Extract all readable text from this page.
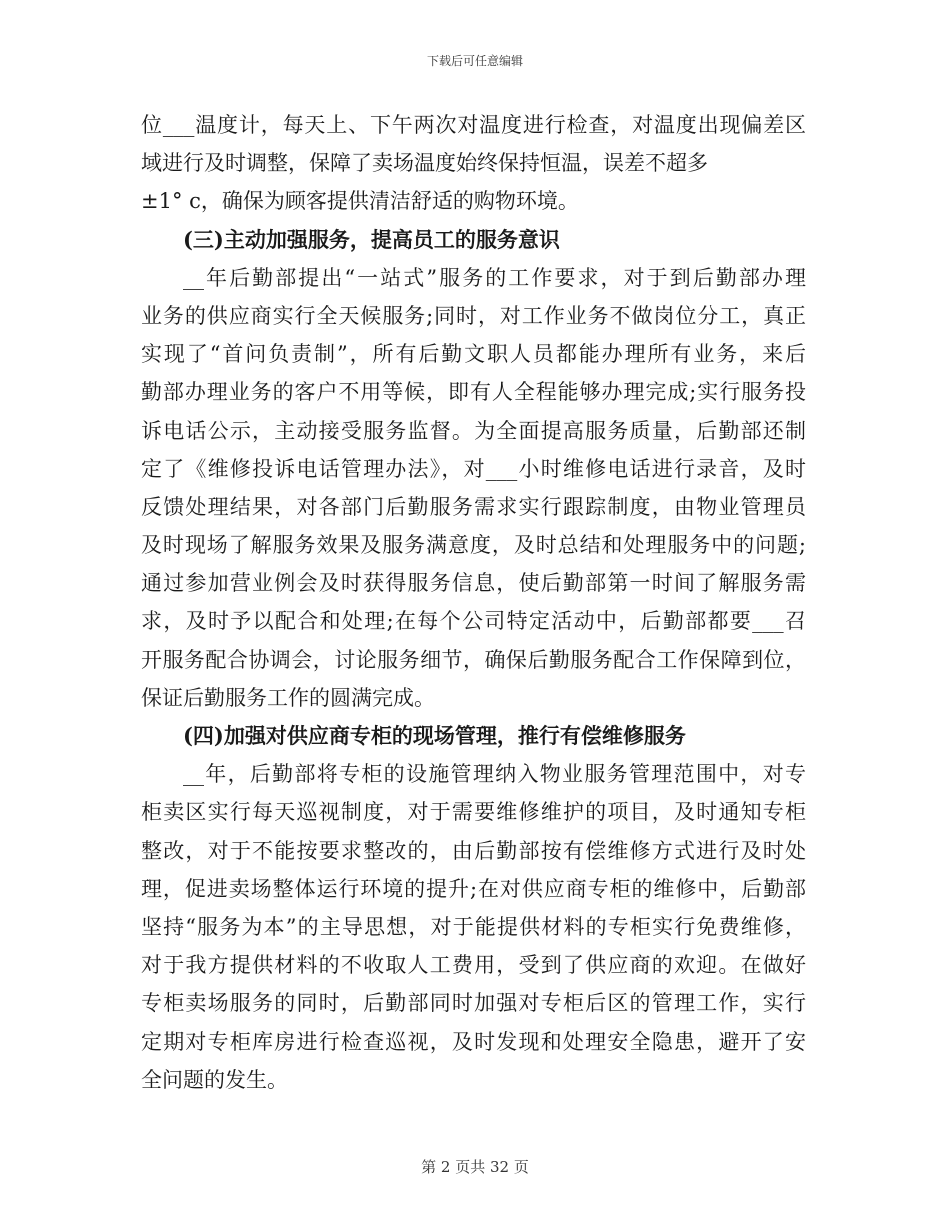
下载后可任意编辑
位___温度计，每天上、下午两次对温度进行检查，对温度出现偏差区
域进行及时调整，保障了卖场温度始终保持恒温，误差不超多
±1° c，确保为顾客提供清洁舒适的购物环境。
(三)主动加强服务，提高员工的服务意识
__年后勤部提出“一站式”服务的工作要求，对于到后勤部办理
业务的供应商实行全天候服务;同时，对工作业务不做岗位分工，真正
实现了“首问负责制”，所有后勤文职人员都能办理所有业务，来后
勤部办理业务的客户不用等候，即有人全程能够办理完成;实行服务投
诉电话公示，主动接受服务监督。为全面提高服务质量，后勤部还制
定了《维修投诉电话管理办法》，对___小时维修电话进行录音，及时
反馈处理结果，对各部门后勤服务需求实行跟踪制度，由物业管理员
及时现场了解服务效果及服务满意度，及时总结和处理服务中的问题;
通过参加营业例会及时获得服务信息，使后勤部第一时间了解服务需
求，及时予以配合和处理;在每个公司特定活动中，后勤部都要___召
开服务配合协调会，讨论服务细节，确保后勤服务配合工作保障到位，
保证后勤服务工作的圆满完成。
(四)加强对供应商专柜的现场管理，推行有偿维修服务
__年，后勤部将专柜的设施管理纳入物业服务管理范围中，对专
柜卖区实行每天巡视制度，对于需要维修维护的项目，及时通知专柜
整改，对于不能按要求整改的，由后勤部按有偿维修方式进行及时处
理，促进卖场整体运行环境的提升;在对供应商专柜的维修中，后勤部
坚持“服务为本”的主导思想，对于能提供材料的专柜实行免费维修，
对于我方提供材料的不收取人工费用，受到了供应商的欢迎。在做好
专柜卖场服务的同时，后勤部同时加强对专柜后区的管理工作，实行
定期对专柜库房进行检查巡视，及时发现和处理安全隐患，避开了安
全问题的发生。
第 2 页共 32 页
